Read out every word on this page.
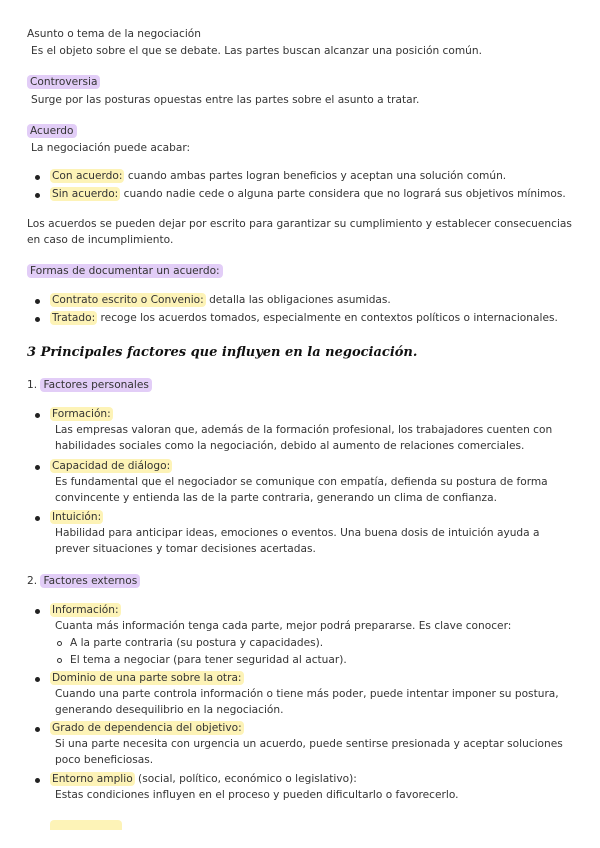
Asunto o tema de la negociación
Es el objeto sobre el que se debate. Las partes buscan alcanzar una posición común.
Controversia
Surge por las posturas opuestas entre las partes sobre el asunto a tratar.
Acuerdo
La negociación puede acabar:
Con acuerdo: cuando ambas partes logran beneficios y aceptan una solución común.
Sin acuerdo: cuando nadie cede o alguna parte considera que no logrará sus objetivos mínimos.
Los acuerdos se pueden dejar por escrito para garantizar su cumplimiento y establecer consecuencias en caso de incumplimiento.
Formas de documentar un acuerdo:
Contrato escrito o Convenio: detalla las obligaciones asumidas.
Tratado: recoge los acuerdos tomados, especialmente en contextos políticos o internacionales.
3 Principales factores que influyen en la negociación.
1. Factores personales
Formación:
Las empresas valoran que, además de la formación profesional, los trabajadores cuenten con habilidades sociales como la negociación, debido al aumento de relaciones comerciales.
Capacidad de diálogo:
Es fundamental que el negociador se comunique con empatía, defienda su postura de forma convincente y entienda las de la parte contraria, generando un clima de confianza.
Intuición:
Habilidad para anticipar ideas, emociones o eventos. Una buena dosis de intuición ayuda a prever situaciones y tomar decisiones acertadas.
2. Factores externos
Información:
Cuanta más información tenga cada parte, mejor podrá prepararse. Es clave conocer:
A la parte contraria (su postura y capacidades).
El tema a negociar (para tener seguridad al actuar).
Dominio de una parte sobre la otra:
Cuando una parte controla información o tiene más poder, puede intentar imponer su postura, generando desequilibrio en la negociación.
Grado de dependencia del objetivo:
Si una parte necesita con urgencia un acuerdo, puede sentirse presionada y aceptar soluciones poco beneficiosas.
Entorno amplio (social, político, económico o legislativo):
Estas condiciones influyen en el proceso y pueden dificultarlo o favorecerlo.
